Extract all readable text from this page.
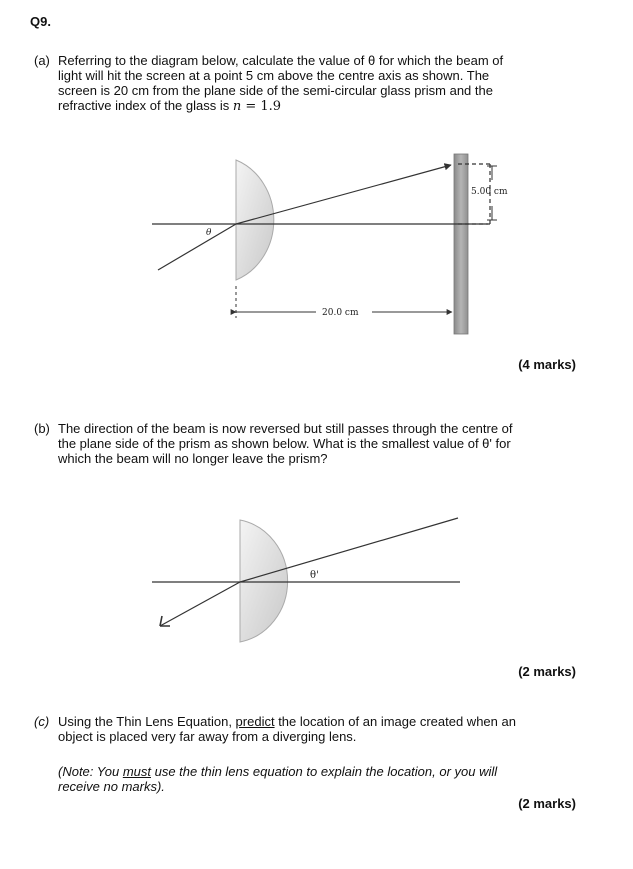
Q9.
(a) Referring to the diagram below, calculate the value of θ for which the beam of
light will hit the screen at a point 5 cm above the centre axis as shown. The
screen is 20 cm from the plane side of the semi-circular glass prism and the
refractive index of the glass is n = 1.9
5.00 cm
θ
20.0 cm
(4 marks)
(b) The direction of the beam is now reversed but still passes through the centre of
the plane side of the prism as shown below. What is the smallest value of θ' for
which the beam will no longer leave the prism?
θ'
(2 marks)
(c) Using the Thin Lens Equation, predict the location of an image created when an
object is placed very far away from a diverging lens.
(Note: You must use the thin lens equation to explain the location, or you will
receive no marks).
(2 marks)
